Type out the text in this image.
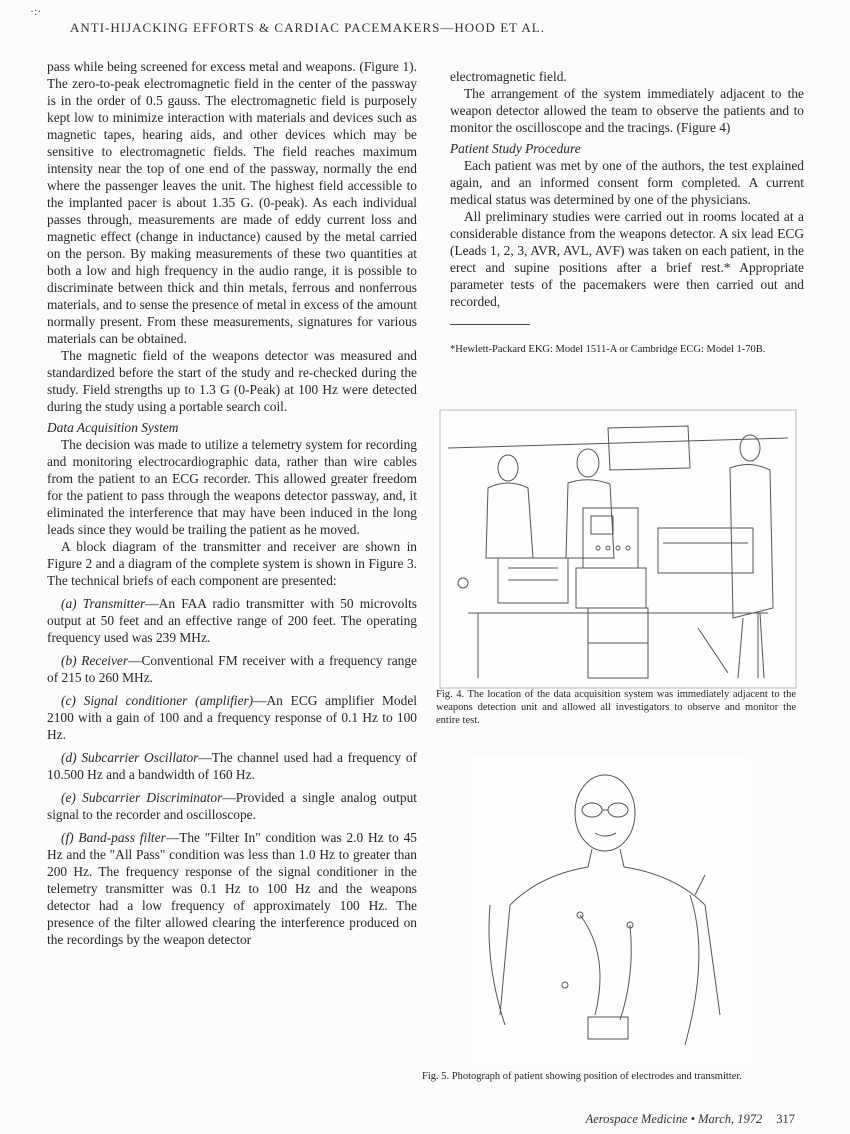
·:·
ANTI-HIJACKING EFFORTS & CARDIAC PACEMAKERS—HOOD ET AL.

pass while being screened for excess metal and weapons. (Figure 1). The zero-to-peak electromagnetic field in the center of the passway is in the order of 0.5 gauss. The electromagnetic field is purposely kept low to minimize interaction with materials and devices such as magnetic tapes, hearing aids, and other devices which may be sensitive to electromagnetic fields. The field reaches maximum intensity near the top of one end of the passway, normally the end where the passenger leaves the unit. The highest field accessible to the implanted pacer is about 1.35 G. (0-peak). As each individual passes through, measurements are made of eddy current loss and magnetic effect (change in inductance) caused by the metal carried on the person. By making measurements of these two quantities at both a low and high frequency in the audio range, it is possible to discriminate between thick and thin metals, ferrous and nonferrous materials, and to sense the presence of metal in excess of the amount normally present. From these measurements, signatures for various materials can be obtained.

The magnetic field of the weapons detector was measured and standardized before the start of the study and re-checked during the study. Field strengths up to 1.3 G (0-Peak) at 100 Hz were detected during the study using a portable search coil.

Data Acquisition System

The decision was made to utilize a telemetry system for recording and monitoring electrocardiographic data, rather than wire cables from the patient to an ECG recorder. This allowed greater freedom for the patient to pass through the weapons detector passway, and, it eliminated the interference that may have been induced in the long leads since they would be trailing the patient as he moved.

A block diagram of the transmitter and receiver are shown in Figure 2 and a diagram of the complete system is shown in Figure 3. The technical briefs of each component are presented:

(a) Transmitter—An FAA radio transmitter with 50 microvolts output at 50 feet and an effective range of 200 feet. The operating frequency used was 239 MHz.

(b) Receiver—Conventional FM receiver with a frequency range of 215 to 260 MHz.

(c) Signal conditioner (amplifier)—An ECG amplifier Model 2100 with a gain of 100 and a frequency response of 0.1 Hz to 100 Hz.

(d) Subcarrier Oscillator—The channel used had a frequency of 10.500 Hz and a bandwidth of 160 Hz.

(e) Subcarrier Discriminator—Provided a single analog output signal to the recorder and oscilloscope.

(f) Band-pass filter—The "Filter In" condition was 2.0 Hz to 45 Hz and the "All Pass" condition was less than 1.0 Hz to greater than 200 Hz. The frequency response of the signal conditioner in the telemetry transmitter was 0.1 Hz to 100 Hz and the weapons detector had a low frequency of approximately 100 Hz. The presence of the filter allowed clearing the interference produced on the recordings by the weapon detector

electromagnetic field.

The arrangement of the system immediately adjacent to the weapon detector allowed the team to observe the patients and to monitor the oscilloscope and the tracings. (Figure 4)

Patient Study Procedure

Each patient was met by one of the authors, the test explained again, and an informed consent form completed. A current medical status was determined by one of the physicians.

All preliminary studies were carried out in rooms located at a considerable distance from the weapons detector. A six lead ECG (Leads 1, 2, 3, AVR, AVL, AVF) was taken on each patient, in the erect and supine positions after a brief rest.* Appropriate parameter tests of the pacemakers were then carried out and recorded,

*Hewlett-Packard EKG: Model 1511-A or Cambridge ECG: Model 1-70B.
Fig. 4. The location of the data acquisition system was immediately adjacent to the weapons detection unit and allowed all investigators to observe and monitor the entire test.
Fig. 5. Photograph of patient showing position of electrodes and transmitter.
Aerospace Medicine • March, 1972 317
